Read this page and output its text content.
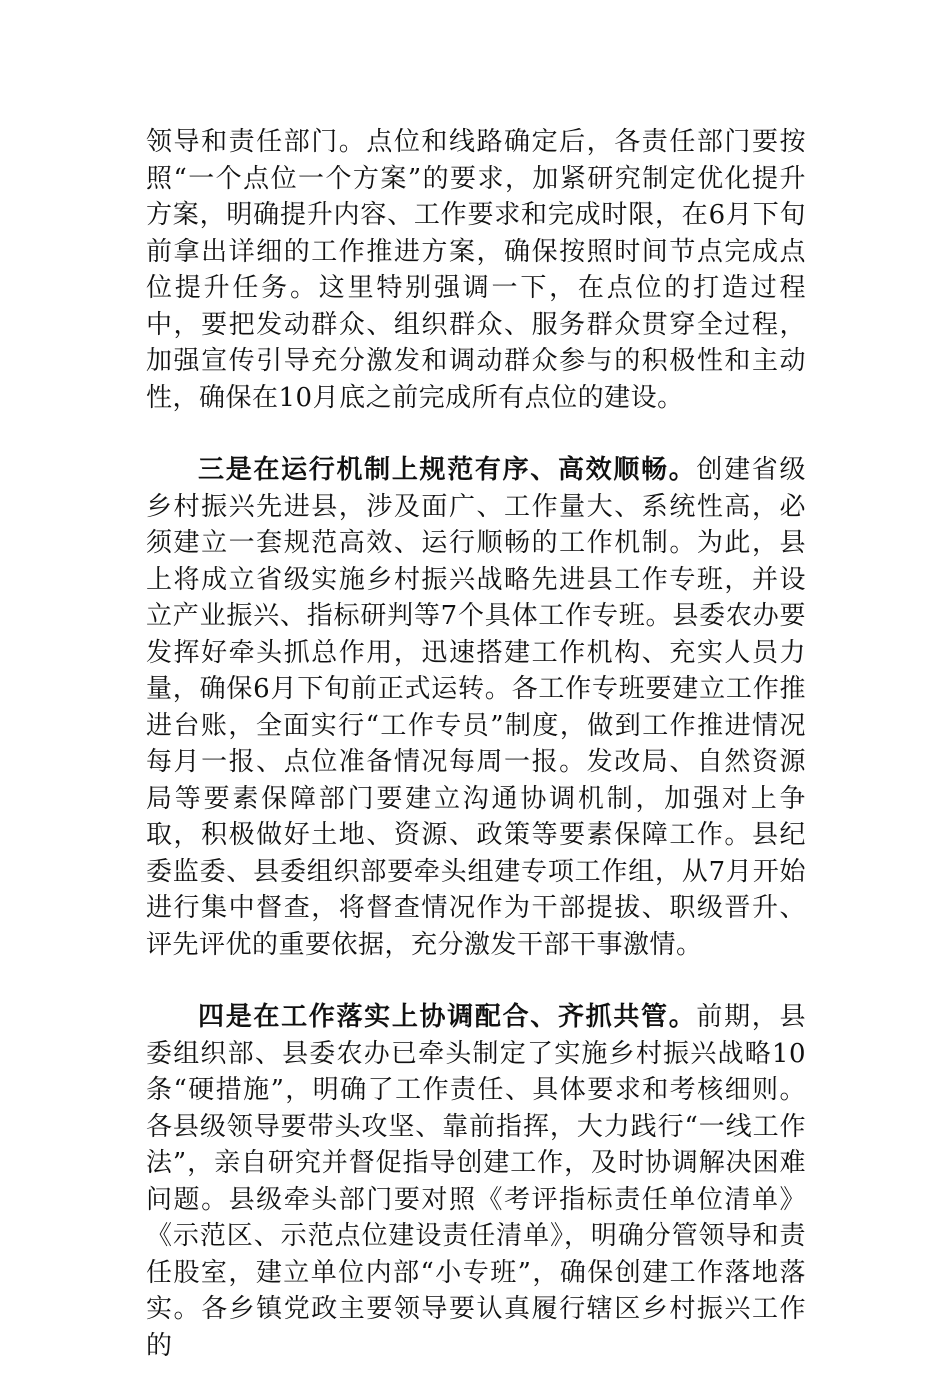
领导和责任部门。点位和线路确定后，各责任部门要按照“一个点位一个方案”的要求，加紧研究制定优化提升方案，明确提升内容、工作要求和完成时限，在6月下旬前拿出详细的工作推进方案，确保按照时间节点完成点位提升任务。这里特别强调一下，在点位的打造过程中，要把发动群众、组织群众、服务群众贯穿全过程，加强宣传引导充分激发和调动群众参与的积极性和主动性，确保在10月底之前完成所有点位的建设。

三是在运行机制上规范有序、高效顺畅。创建省级乡村振兴先进县，涉及面广、工作量大、系统性高，必须建立一套规范高效、运行顺畅的工作机制。为此，县上将成立省级实施乡村振兴战略先进县工作专班，并设立产业振兴、指标研判等7个具体工作专班。县委农办要发挥好牵头抓总作用，迅速搭建工作机构、充实人员力量，确保6月下旬前正式运转。各工作专班要建立工作推进台账，全面实行“工作专员”制度，做到工作推进情况每月一报、点位准备情况每周一报。发改局、自然资源局等要素保障部门要建立沟通协调机制，加强对上争取，积极做好土地、资源、政策等要素保障工作。县纪委监委、县委组织部要牵头组建专项工作组，从7月开始进行集中督查，将督查情况作为干部提拔、职级晋升、评先评优的重要依据，充分激发干部干事激情。

四是在工作落实上协调配合、齐抓共管。前期，县委组织部、县委农办已牵头制定了实施乡村振兴战略10条“硬措施”，明确了工作责任、具体要求和考核细则。各县级领导要带头攻坚、靠前指挥，大力践行“一线工作法”，亲自研究并督促指导创建工作，及时协调解决困难问题。县级牵头部门要对照《考评指标责任单位清单》《示范区、示范点位建设责任清单》，明确分管领导和责任股室，建立单位内部“小专班”，确保创建工作落地落实。各乡镇党政主要领导要认真履行辖区乡村振兴工作的
